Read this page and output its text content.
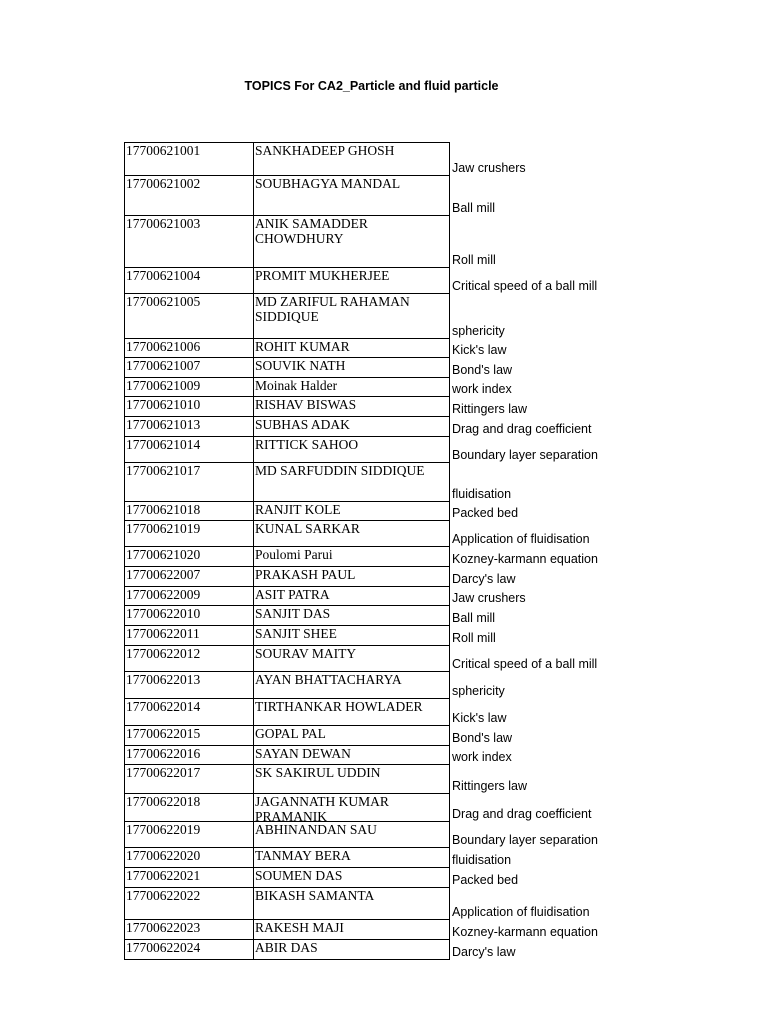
TOPICS For CA2_Particle and fluid particle
17700621001	SANKHADEEP GHOSH	Jaw crushers

17700621002	SOUBHAGYA MANDAL	Ball mill

17700621003	ANIK SAMADDER CHOWDHURY	Roll mill

17700621004	PROMIT MUKHERJEE	Critical speed of a ball mill

17700621005	MD ZARIFUL RAHAMAN SIDDIQUE	sphericity

17700621006	ROHIT KUMAR	Kick's law

17700621007	SOUVIK NATH	Bond's law

17700621009	Moinak Halder	work index

17700621010	RISHAV BISWAS	Rittingers law

17700621013	SUBHAS ADAK	Drag and drag coefficient

17700621014	RITTICK SAHOO	Boundary layer separation

17700621017	MD SARFUDDIN SIDDIQUE	fluidisation

17700621018	RANJIT KOLE	Packed bed

17700621019	KUNAL SARKAR	Application of fluidisation

17700621020	Poulomi Parui	Kozney-karmann equation

17700622007	PRAKASH PAUL	Darcy's law

17700622009	ASIT PATRA	Jaw crushers

17700622010	SANJIT DAS	Ball mill

17700622011	SANJIT SHEE	Roll mill

17700622012	SOURAV MAITY	Critical speed of a ball mill

17700622013	AYAN BHATTACHARYA	sphericity

17700622014	TIRTHANKAR HOWLADER	Kick's law

17700622015	GOPAL PAL	Bond's law

17700622016	SAYAN DEWAN	work index

17700622017	SK SAKIRUL UDDIN	Rittingers law

17700622018	JAGANNATH KUMAR PRAMANIK	Drag and drag coefficient

17700622019	ABHINANDAN SAU	Boundary layer separation

17700622020	TANMAY BERA	fluidisation

17700622021	SOUMEN DAS	Packed bed

17700622022	BIKASH SAMANTA	Application of fluidisation

17700622023	RAKESH MAJI	Kozney-karmann equation

17700622024	ABIR DAS	Darcy's law
